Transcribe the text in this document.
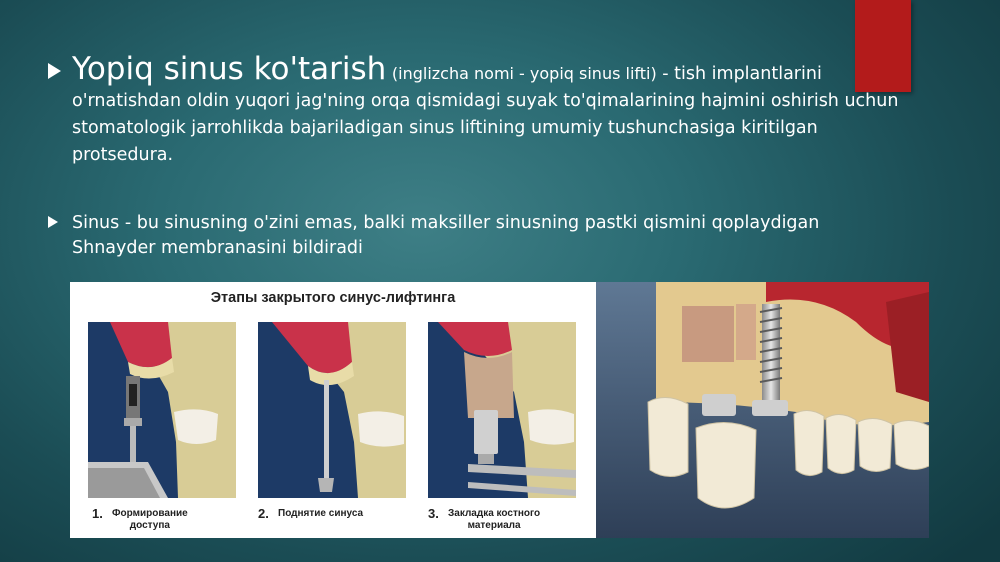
Yopiq sinus ko'tarish (inglizcha nomi - yopiq sinus lifti) - tish implantlarini o'rnatishdan oldin yuqori jag'ning orqa qismidagi suyak to'qimalarining hajmini oshirish uchun stomatologik jarrohlikda bajariladigan sinus liftining umumiy tushunchasiga kiritilgan protsedura.
Sinus - bu sinusning o'zini emas, balki maksiller sinusning pastki qismini qoplaydigan Shnayder membranasini bildiradi
Этапы закрытого синус-лифтинга
1. Формирование
доступа
2. Поднятие синуса	3. Закладка костного
материала
